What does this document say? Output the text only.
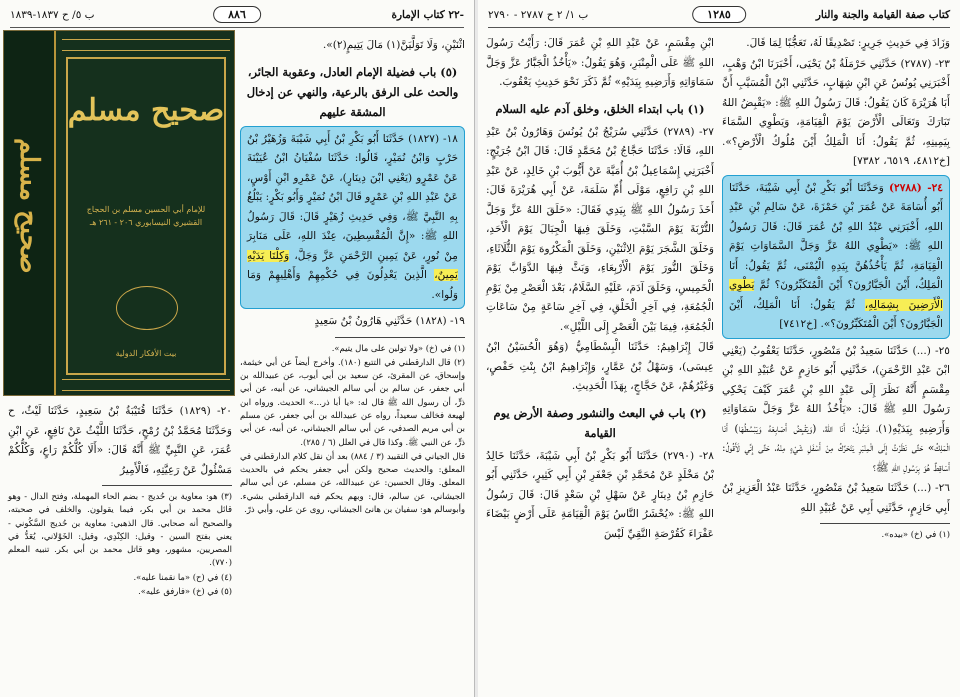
-٢٢ كتاب الإمارة
٨٨٦
ب ٥/ ح ١٨٣٧-١٨٣٩
صحيح مسلم
صحيح مسلم
للإمام أبي الحسين مسلم بن الحجاج القشيري النيسابوري ٢٠٦ - ٢٦١ هـ
بيت الأفكار الدولية

اثْنَيْنِ، وَلَا تَوَلَّيَنَّ(١) مَالَ يَتِيمٍ(٢)».

(٥) باب فضيلة الإمام العادل، وعقوبة الجائر، والحث على الرفق بالرعية، والنهي عن إدخال المشقة عليهم
١٨- (١٨٢٧) حَدَّثَنَا أَبُو بَكْرِ بْنُ أَبِي شَيْبَةَ وَزُهَيْرُ بْنُ حَرْبٍ وَابْنُ نُمَيْرٍ، قَالُوا: حَدَّثَنَا سُفْيَانُ ابْنُ عُيَيْنَةَ عَنْ عَمْرٍو (يَعْنِي ابْنَ دِينَارٍ)، عَنْ عَمْرِو ابْنِ أَوْسٍ، عَنْ عَبْدِ اللهِ بْنِ عَمْرٍو قَالَ ابْنُ نُمَيْرٍ وَأَبُو بَكْرٍ: يَبْلُغُ بِهِ النَّبِيَّ ﷺ، وَفِي حَدِيثِ زُهَيْرٍ قَالَ: قَالَ رَسُولُ اللهِ ﷺ: «إِنَّ الْمُقْسِطِينَ، عِنْدَ اللهِ، عَلَى مَنَابِرَ مِنْ نُورٍ، عَنْ يَمِينِ الرَّحْمَنِ عَزَّ وَجَلَّ، وَكِلْتَا يَدَيْهِ يَمِينٌ، الَّذِينَ يَعْدِلُونَ فِي حُكْمِهِمْ وَأَهْلِيهِمْ وَمَا وَلُوا».

١٩- (١٨٢٨) حَدَّثَنِي هَارُونُ بْنُ سَعِيدٍ

(١) في (خ) «ولا تولين على مال يتيم».

(٢) قال الدارقطني في التتبع (١٨٠). وأخرج أيضاً عن أبي خيثمة، وإسحاق، عن المقرئ، عن سعيد بن أبي أيوب، عن عبيدالله بن أبي جعفر، عن سالم بن أبي سالم الجيشاني، عن أبيه، عن أبي ذرٍّ، أن رسول الله ﷺ قال له: «يا أبا ذر...» الحديث. ورواه ابن لهيعة فخالف سعيداً، رواه عن عبيدالله بن أبي جعفر، عن مسلم بن أبي مريم الصدفي، عن أبي سالم الجيشاني، عن أبيه، عن أبي ذرٍّ، عن النبي ﷺ. وكذا قال في العلل (٦ / ٢٨٥).

قال الجياني في التقييد (٣ / ٨٨٤) بعد أن نقل كلام الدارقطني في المعلق: والحديث صحيح ولكن أبي جعفر يحكم في بالحديث المعلق. وقال الحسين: عن عبيدالله، عن مسلم، عن أبي سالم الجيشاني، عن سالم، قال: وبهم يحكم فيه الدارقطني بشيء. وأبوسالم هو: سفيان بن هانئ الجيشاني، روى عن علي، وأبي ذرّ.

٢٠- (١٨٢٩) حَدَّثَنَا قُتَيْبَةُ بْنُ سَعِيدٍ، حَدَّثَنَا لَيْثٌ، ح وَحَدَّثَنَا مُحَمَّدُ بْنُ رُمْحٍ، حَدَّثَنَا اللَّيْثُ عَنْ نَافِعٍ، عَنِ ابْنِ عُمَرَ، عَنِ النَّبِيِّ ﷺ أَنَّهُ قَالَ: «أَلَا كُلُّكُمْ رَاعٍ، وَكُلُّكُمْ مَسْئُولٌ عَنْ رَعِيَّتِهِ، فَالْأَمِيرُ

(٣) هو: معاوية بن حُديج - بضم الحاء المهملة، وفتح الدال - وهو قائل محمد بن أبي بكر، فيما يقولون. والخلف في صحبته، والصحيح أنه صحابي. قال الذهبي: معاوية بن حُديج السَّكُوني - يعني بفتح السين - وقيل: الكِنْدِي، وقيل: الخَوْلاني، يُعَدُّ في المصريين، مشهور، وهو قاتل محمد بن أبي بكر. تنبيه المعلم (٧٧٠).

(٤) في (ح) «ما نقمنا عليه».

(٥) في (خ) «فارفق عليه».

كتاب صفة القيامة والجنة والنار
١٢٨٥
ب ١/ ٢ ح ٢٧٨٧ - ٢٧٩٠

وَزَادَ فِي حَدِيثِ جَرِيرٍ: تَصْدِيقًا لَهُ، تَعَجُّبًا لِمَا قَالَ.

٢٣- (٢٧٨٧) حَدَّثَنِي حَرْمَلَةُ بْنُ يَحْيَى، أَخْبَرَنَا ابْنُ وَهْبٍ، أَخْبَرَنِي يُونُسُ عَنِ ابْنِ شِهَابٍ، حَدَّثَنِي ابْنُ الْمُسَيَّبِ أَنَّ أَبَا هُرَيْرَةَ كَانَ يَقُولُ: قَالَ رَسُولُ اللهِ ﷺ: «يَقْبِضُ اللهُ تَبَارَكَ وَتَعَالَى الْأَرْضَ يَوْمَ الْقِيَامَةِ، وَيَطْوِي السَّمَاءَ بِيَمِينِهِ، ثُمَّ يَقُولُ: أَنَا الْمَلِكُ أَيْنَ مُلُوكُ الْأَرْضِ؟». [خ٤٨١٢، ٦٥١٩، ٧٣٨٢]

٢٤- (٢٧٨٨) وَحَدَّثَنَا أَبُو بَكْرِ بْنُ أَبِي شَيْبَةَ، حَدَّثَنَا أَبُو أُسَامَةَ عَنْ عُمَرَ بْنِ حَمْزَةَ، عَنْ سَالِمِ بْنِ عَبْدِ اللهِ، أَخْبَرَنِي عَبْدُ اللهِ بْنُ عُمَرَ قَالَ: قَالَ رَسُولُ اللهِ ﷺ: «يَطْوِي اللهُ عَزَّ وَجَلَّ السَّمَاوَاتِ يَوْمَ الْقِيَامَةِ، ثُمَّ يَأْخُذُهُنَّ بِيَدِهِ الْيُمْنَى، ثُمَّ يَقُولُ: أَنَا الْمَلِكُ، أَيْنَ الْجَبَّارُونَ؟ أَيْنَ الْمُتَكَبِّرُونَ؟ ثُمَّ يَطْوِي الْأَرَضِينَ بِشِمَالِهِ، ثُمَّ يَقُولُ: أَنَا الْمَلِكُ، أَيْنَ الْجَبَّارُونَ؟ أَيْنَ الْمُتَكَبِّرُونَ؟». [خ٧٤١٢]

٢٥- (...) حَدَّثَنَا سَعِيدُ بْنُ مَنْصُورٍ، حَدَّثَنَا يَعْقُوبُ (يَعْنِي ابْنَ عَبْدِ الرَّحْمَنِ)، حَدَّثَنِي أَبُو حَازِمٍ عَنْ عُبَيْدِ اللهِ بْنِ مِقْسَمٍ أَنَّهُ نَظَرَ إِلَى عَبْدِ اللهِ بْنِ عُمَرَ كَيْفَ يَحْكِي رَسُولَ اللهِ ﷺ قَالَ: «يَأْخُذُ اللهُ عَزَّ وَجَلَّ سَمَاوَاتِهِ وَأَرَضِيهِ بِيَدَيْهِ(١)، فَيَقُولُ: أَنَا اللهُ، (وَيَقْبِضُ أَصَابِعَهُ وَيَبْسُطُهَا) أَنَا الْمَلِكُ» حَتَّى نَظَرْتُ إِلَى الْمِنْبَرِ يَتَحَرَّكُ مِنْ أَسْفَلِ شَيْءٍ مِنْهُ، حَتَّى إِنِّي لَأَقُولُ: أَسَاقِطٌ هُوَ بِرَسُولِ اللهِ ﷺ؟

٢٦- (...) حَدَّثَنَا سَعِيدُ بْنُ مَنْصُورٍ، حَدَّثَنَا عَبْدُ الْعَزِيزِ بْنُ أَبِي حَازِمٍ، حَدَّثَنِي أَبِي عَنْ عُبَيْدِ اللهِ

(١) في (خ) «بيده».

ابْنِ مِقْسَمٍ، عَنْ عَبْدِ اللهِ بْنِ عُمَرَ قَالَ: رَأَيْتُ رَسُولَ اللهِ ﷺ عَلَى الْمِنْبَرِ، وَهُوَ يَقُولُ: «يَأْخُذُ الْجَبَّارُ عَزَّ وَجَلَّ سَمَاوَاتِهِ وَأَرَضِيهِ بِيَدَيْهِ» ثُمَّ ذَكَرَ نَحْوَ حَدِيثِ يَعْقُوبَ.

(١) باب ابتداء الخلق، وخلق آدم عليه السلام

٢٧- (٢٧٨٩) حَدَّثَنِي سُرَيْجُ بْنُ يُونُسَ وَهَارُونُ بْنُ عَبْدِ اللهِ، قَالَا: حَدَّثَنَا حَجَّاجُ بْنُ مُحَمَّدٍ قَالَ: قَالَ ابْنُ جُرَيْجٍ: أَخْبَرَنِي إِسْمَاعِيلُ بْنُ أُمَيَّةَ عَنْ أَيُّوبَ بْنِ خَالِدٍ، عَنْ عَبْدِ اللهِ بْنِ رَافِعٍ، مَوْلَى أُمِّ سَلَمَةَ، عَنْ أَبِي هُرَيْرَةَ قَالَ: أَخَذَ رَسُولُ اللهِ ﷺ بِيَدِي فَقَالَ: «خَلَقَ اللهُ عَزَّ وَجَلَّ التُّرْبَةَ يَوْمَ السَّبْتِ، وَخَلَقَ فِيهَا الْجِبَالَ يَوْمَ الْأَحَدِ، وَخَلَقَ الشَّجَرَ يَوْمَ الِاثْنَيْنِ، وَخَلَقَ الْمَكْرُوهَ يَوْمَ الثُّلَاثَاءِ، وَخَلَقَ النُّورَ يَوْمَ الْأَرْبِعَاءِ، وَبَثَّ فِيهَا الدَّوَابَّ يَوْمَ الْخَمِيسِ، وَخَلَقَ آدَمَ، عَلَيْهِ السَّلَامُ، بَعْدَ الْعَصْرِ مِنْ يَوْمِ الْجُمُعَةِ، فِي آخِرِ الْخَلْقِ، فِي آخِرِ سَاعَةٍ مِنْ سَاعَاتِ الْجُمُعَةِ، فِيمَا بَيْنَ الْعَصْرِ إِلَى اللَّيْلِ».

قَالَ إِبْرَاهِيمُ: حَدَّثَنَا الْبِسْطَامِيُّ (وَهُوَ الْحُسَيْنُ ابْنُ عِيسَى)، وَسَهْلُ بْنُ عَمَّارٍ، وَإِبْرَاهِيمُ ابْنُ بِنْتِ حَفْصٍ، وَغَيْرُهُمْ، عَنْ حَجَّاجٍ، بِهَذَا الْحَدِيثِ.

(٢) باب في البعث والنشور وصفة الأرض يوم القيامة

٢٨- (٢٧٩٠) حَدَّثَنَا أَبُو بَكْرِ بْنُ أَبِي شَيْبَةَ، حَدَّثَنَا خَالِدُ بْنُ مَخْلَدٍ عَنْ مُحَمَّدِ بْنِ جَعْفَرِ بْنِ أَبِي كَثِيرٍ، حَدَّثَنِي أَبُو حَازِمِ بْنُ دِينَارٍ عَنْ سَهْلِ بْنِ سَعْدٍ قَالَ: قَالَ رَسُولُ اللهِ ﷺ: «يُحْشَرُ النَّاسُ يَوْمَ الْقِيَامَةِ عَلَى أَرْضٍ بَيْضَاءَ عَفْرَاءَ كَقُرْصَةِ النَّقِيِّ لَيْسَ
